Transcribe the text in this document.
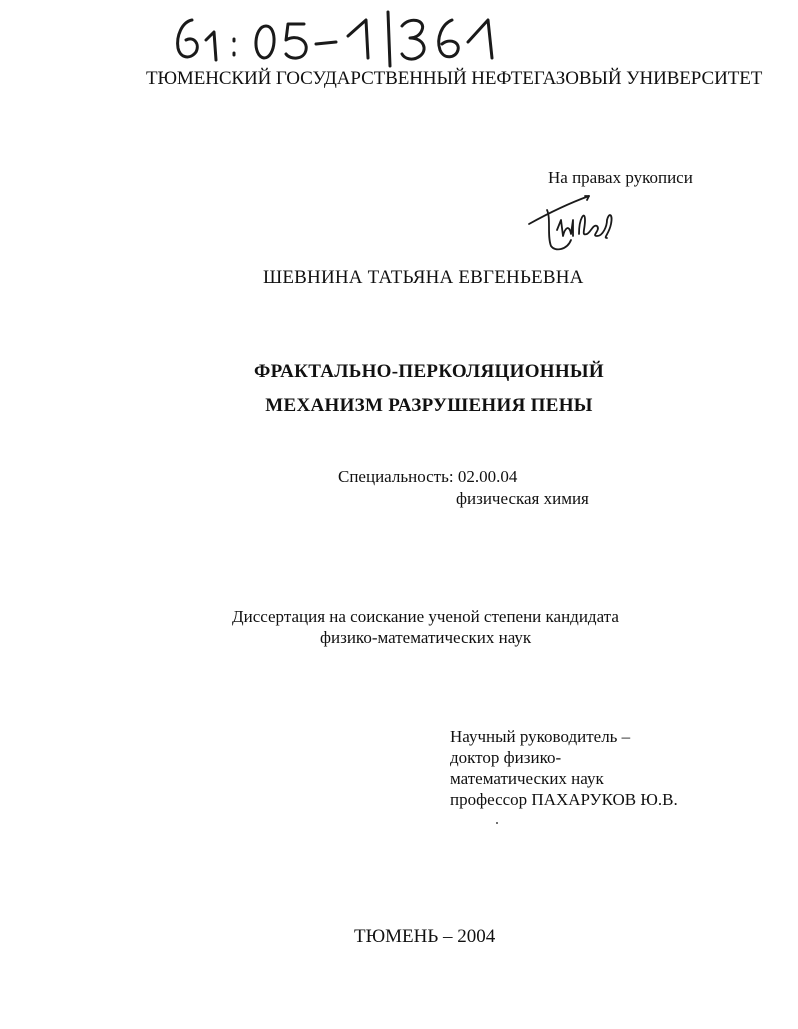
ТЮМЕНСКИЙ ГОСУДАРСТВЕННЫЙ НЕФТЕГАЗОВЫЙ УНИВЕРСИТЕТ
На правах рукописи
ШЕВНИНА ТАТЬЯНА ЕВГЕНЬЕВНА
ФРАКТАЛЬНО-ПЕРКОЛЯЦИОННЫЙ
МЕХАНИЗМ РАЗРУШЕНИЯ ПЕНЫ
Специальность: 02.00.04
физическая химия
Диссертация на соискание ученой степени кандидата
физико-математических наук
Научный руководитель –
доктор физико-
математических наук
профессор ПАХАРУКОВ Ю.В.
ТЮМЕНЬ – 2004
